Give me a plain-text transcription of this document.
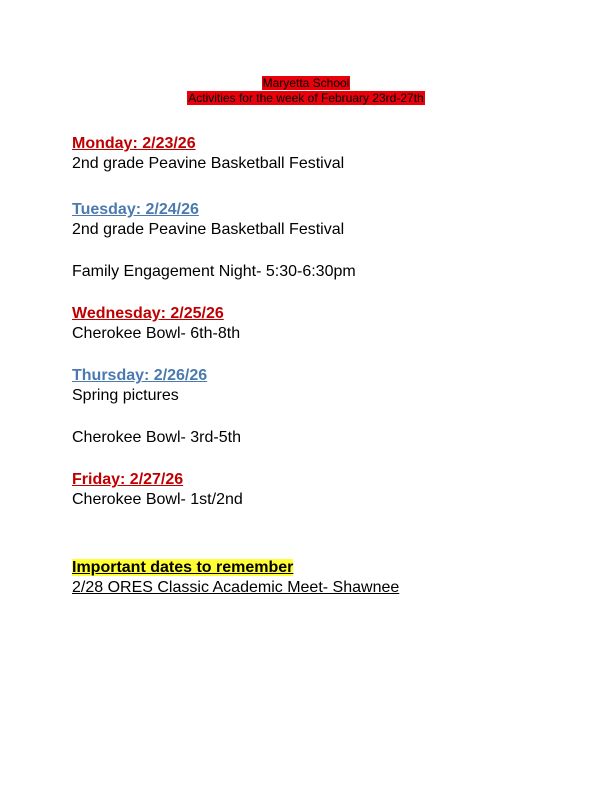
Maryetta School
Activities for the week of February 23rd-27th

Monday: 2/23/26

2nd grade Peavine Basketball Festival

Tuesday: 2/24/26

2nd grade Peavine Basketball Festival

Family Engagement Night- 5:30-6:30pm

Wednesday: 2/25/26

Cherokee Bowl- 6th-8th

Thursday: 2/26/26

Spring pictures

Cherokee Bowl- 3rd-5th

Friday: 2/27/26

Cherokee Bowl- 1st/2nd

Important dates to remember

2/28 ORES Classic Academic Meet- Shawnee
